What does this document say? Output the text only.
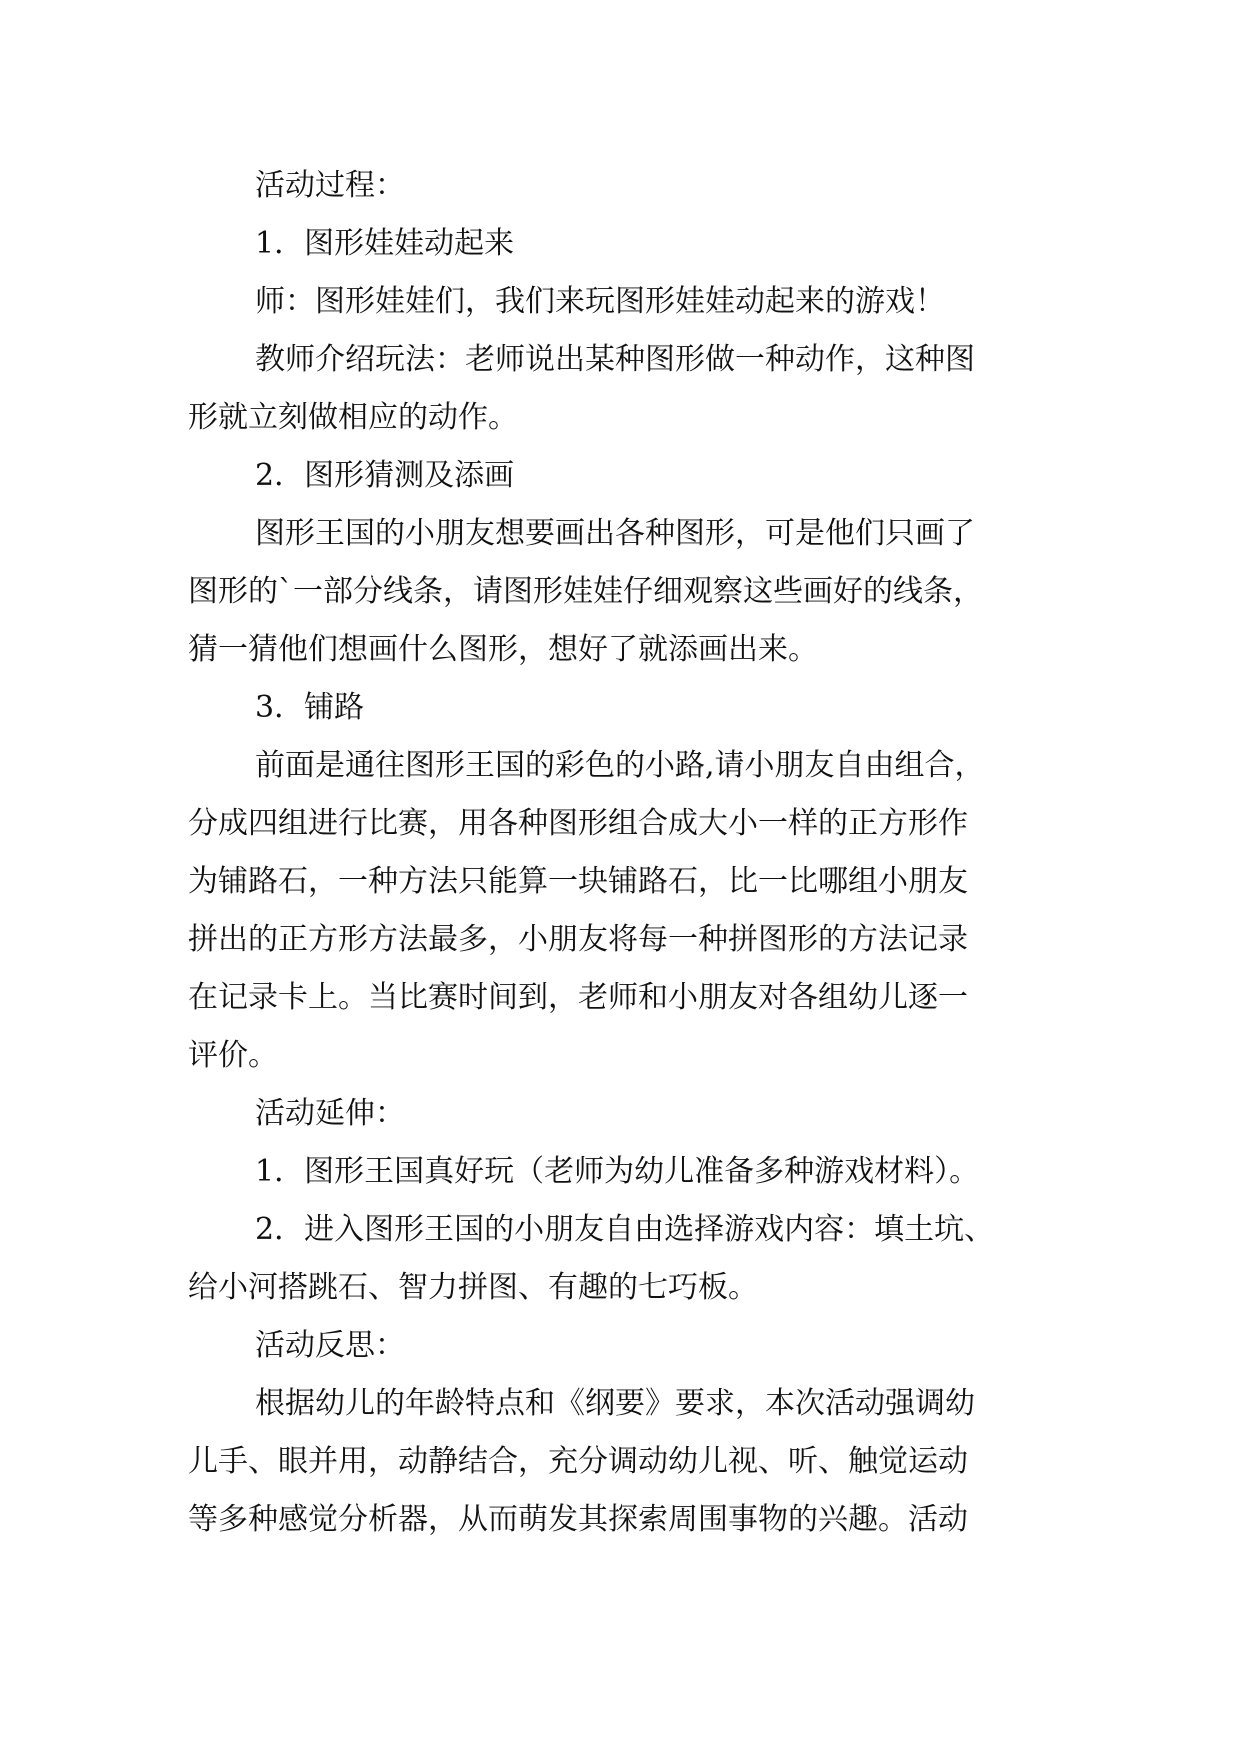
活动过程：
1．图形娃娃动起来
师：图形娃娃们，我们来玩图形娃娃动起来的游戏！
教师介绍玩法：老师说出某种图形做一种动作，这种图
形就立刻做相应的动作。
2．图形猜测及添画
图形王国的小朋友想要画出各种图形，可是他们只画了
图形的`一部分线条，请图形娃娃仔细观察这些画好的线条，
猜一猜他们想画什么图形，想好了就添画出来。
3．铺路
前面是通往图形王国的彩色的小路,请小朋友自由组合，
分成四组进行比赛，用各种图形组合成大小一样的正方形作
为铺路石，一种方法只能算一块铺路石，比一比哪组小朋友
拼出的正方形方法最多，小朋友将每一种拼图形的方法记录
在记录卡上。当比赛时间到，老师和小朋友对各组幼儿逐一
评价。
活动延伸：
1．图形王国真好玩（老师为幼儿准备多种游戏材料）。
2．进入图形王国的小朋友自由选择游戏内容：填土坑、
给小河搭跳石、智力拼图、有趣的七巧板。
活动反思：
根据幼儿的年龄特点和《纲要》要求，本次活动强调幼
儿手、眼并用，动静结合，充分调动幼儿视、听、触觉运动
等多种感觉分析器，从而萌发其探索周围事物的兴趣。活动
